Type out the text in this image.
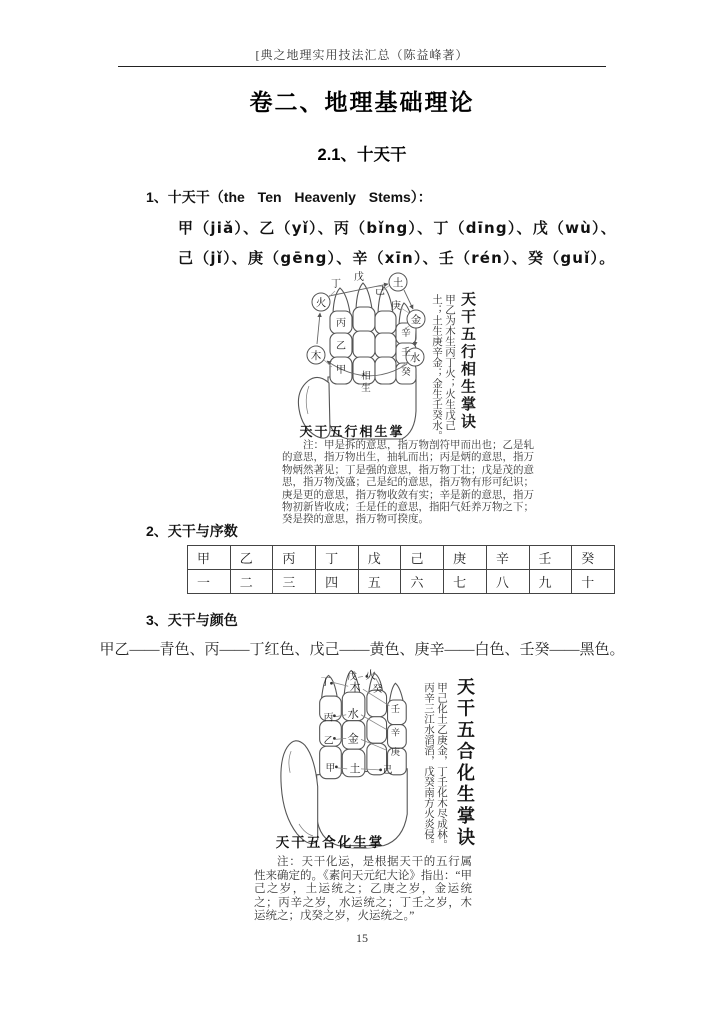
[典之地理实用技法汇总（陈益峰著）
卷二、地理基础理论
2.1、十天干
1、十天干（the Ten Heavenly Stems）：
甲（jiǎ）、乙（yǐ）、丙（bǐng）、丁（dīng）、戊（wù）、
己（jǐ）、庚（gēng）、辛（xīn）、壬（rén）、癸（guǐ）。
火
土
金
水
木
丁
戊
己
庚
丙
乙
甲
辛
壬
癸
相
生
天干五行相生掌
天干五行相生掌诀
甲乙为木生丙丁火；火生戊己土；土生庚辛金；金生壬癸水。
注：甲是拆的意思，指万物剖符甲而出也；乙是轧的意思，指万物出生，抽轧而出；丙是炳的意思，指万物炳然著见；丁是强的意思，指万物丁壮；戊是茂的意思，指万物茂盛；己是纪的意思，指万物有形可纪识；庚是更的意思，指万物收敛有实；辛是新的意思，指万物初新皆收成；壬是任的意思，指阳气妊养万物之下；癸是揆的意思，指万物可揆度。
2、天干与序数
甲	乙	丙	丁	戊	己	庚	辛	壬	癸
一	二	三	四	五	六	七	八	九	十
3、天干与颜色
甲乙——青色、丙——丁红色、戊己——黄色、庚辛——白色、壬癸——黑色。
丁
戊 火
木 癸
壬
水
丙
辛
乙 金
庚
甲 土 己
天干五合化生掌	天干五合化生掌诀
甲己化土乙庚金，丁壬化木尽成林。丙辛三江水滔滔，戊癸南方火炎侵。
注：天干化运，是根据天干的五行属性来确定的。《素问天元纪大论》指出：“甲己之岁，土运统之；乙庚之岁，金运统之；丙辛之岁，水运统之；丁壬之岁，木运统之；戊癸之岁，火运统之。”
15
